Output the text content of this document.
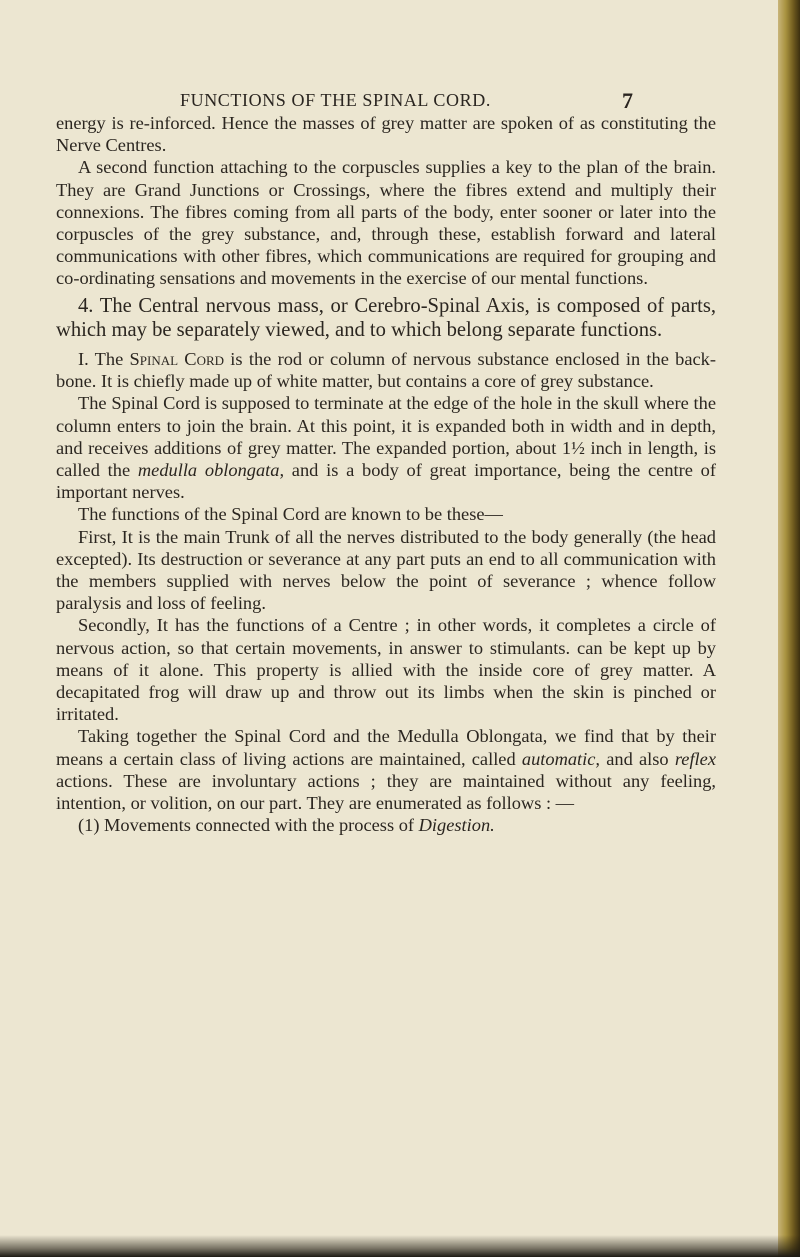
FUNCTIONS OF THE SPINAL CORD.	7

energy is re-inforced. Hence the masses of grey matter are spoken of as constituting the Nerve Centres.

A second function attaching to the corpuscles supplies a key to the plan of the brain. They are Grand Junctions or Crossings, where the fibres extend and multiply their connexions. The fibres coming from all parts of the body, enter sooner or later into the corpuscles of the grey substance, and, through these, establish forward and lateral communications with other fibres, which communications are required for grouping and co-ordinating sensations and movements in the exercise of our mental functions.

4. The Central nervous mass, or Cerebro-Spinal Axis, is composed of parts, which may be separately viewed, and to which belong separate functions.

I. The Spinal Cord is the rod or column of nervous substance enclosed in the back-bone. It is chiefly made up of white matter, but contains a core of grey substance.

The Spinal Cord is supposed to terminate at the edge of the hole in the skull where the column enters to join the brain. At this point, it is expanded both in width and in depth, and receives additions of grey matter. The expanded portion, about 1½ inch in length, is called the medulla oblongata, and is a body of great importance, being the centre of important nerves.

The functions of the Spinal Cord are known to be these—

First, It is the main Trunk of all the nerves distributed to the body generally (the head excepted). Its destruction or severance at any part puts an end to all communication with the members supplied with nerves below the point of severance ; whence follow paralysis and loss of feeling.

Secondly, It has the functions of a Centre ; in other words, it completes a circle of nervous action, so that certain movements, in answer to stimulants. can be kept up by means of it alone. This property is allied with the inside core of grey matter. A decapitated frog will draw up and throw out its limbs when the skin is pinched or irritated.

Taking together the Spinal Cord and the Medulla Oblongata, we find that by their means a certain class of living actions are maintained, called automatic, and also reflex actions. These are involuntary actions ; they are maintained without any feeling, intention, or volition, on our part. They are enumerated as follows : —

(1) Movements connected with the process of Digestion.
